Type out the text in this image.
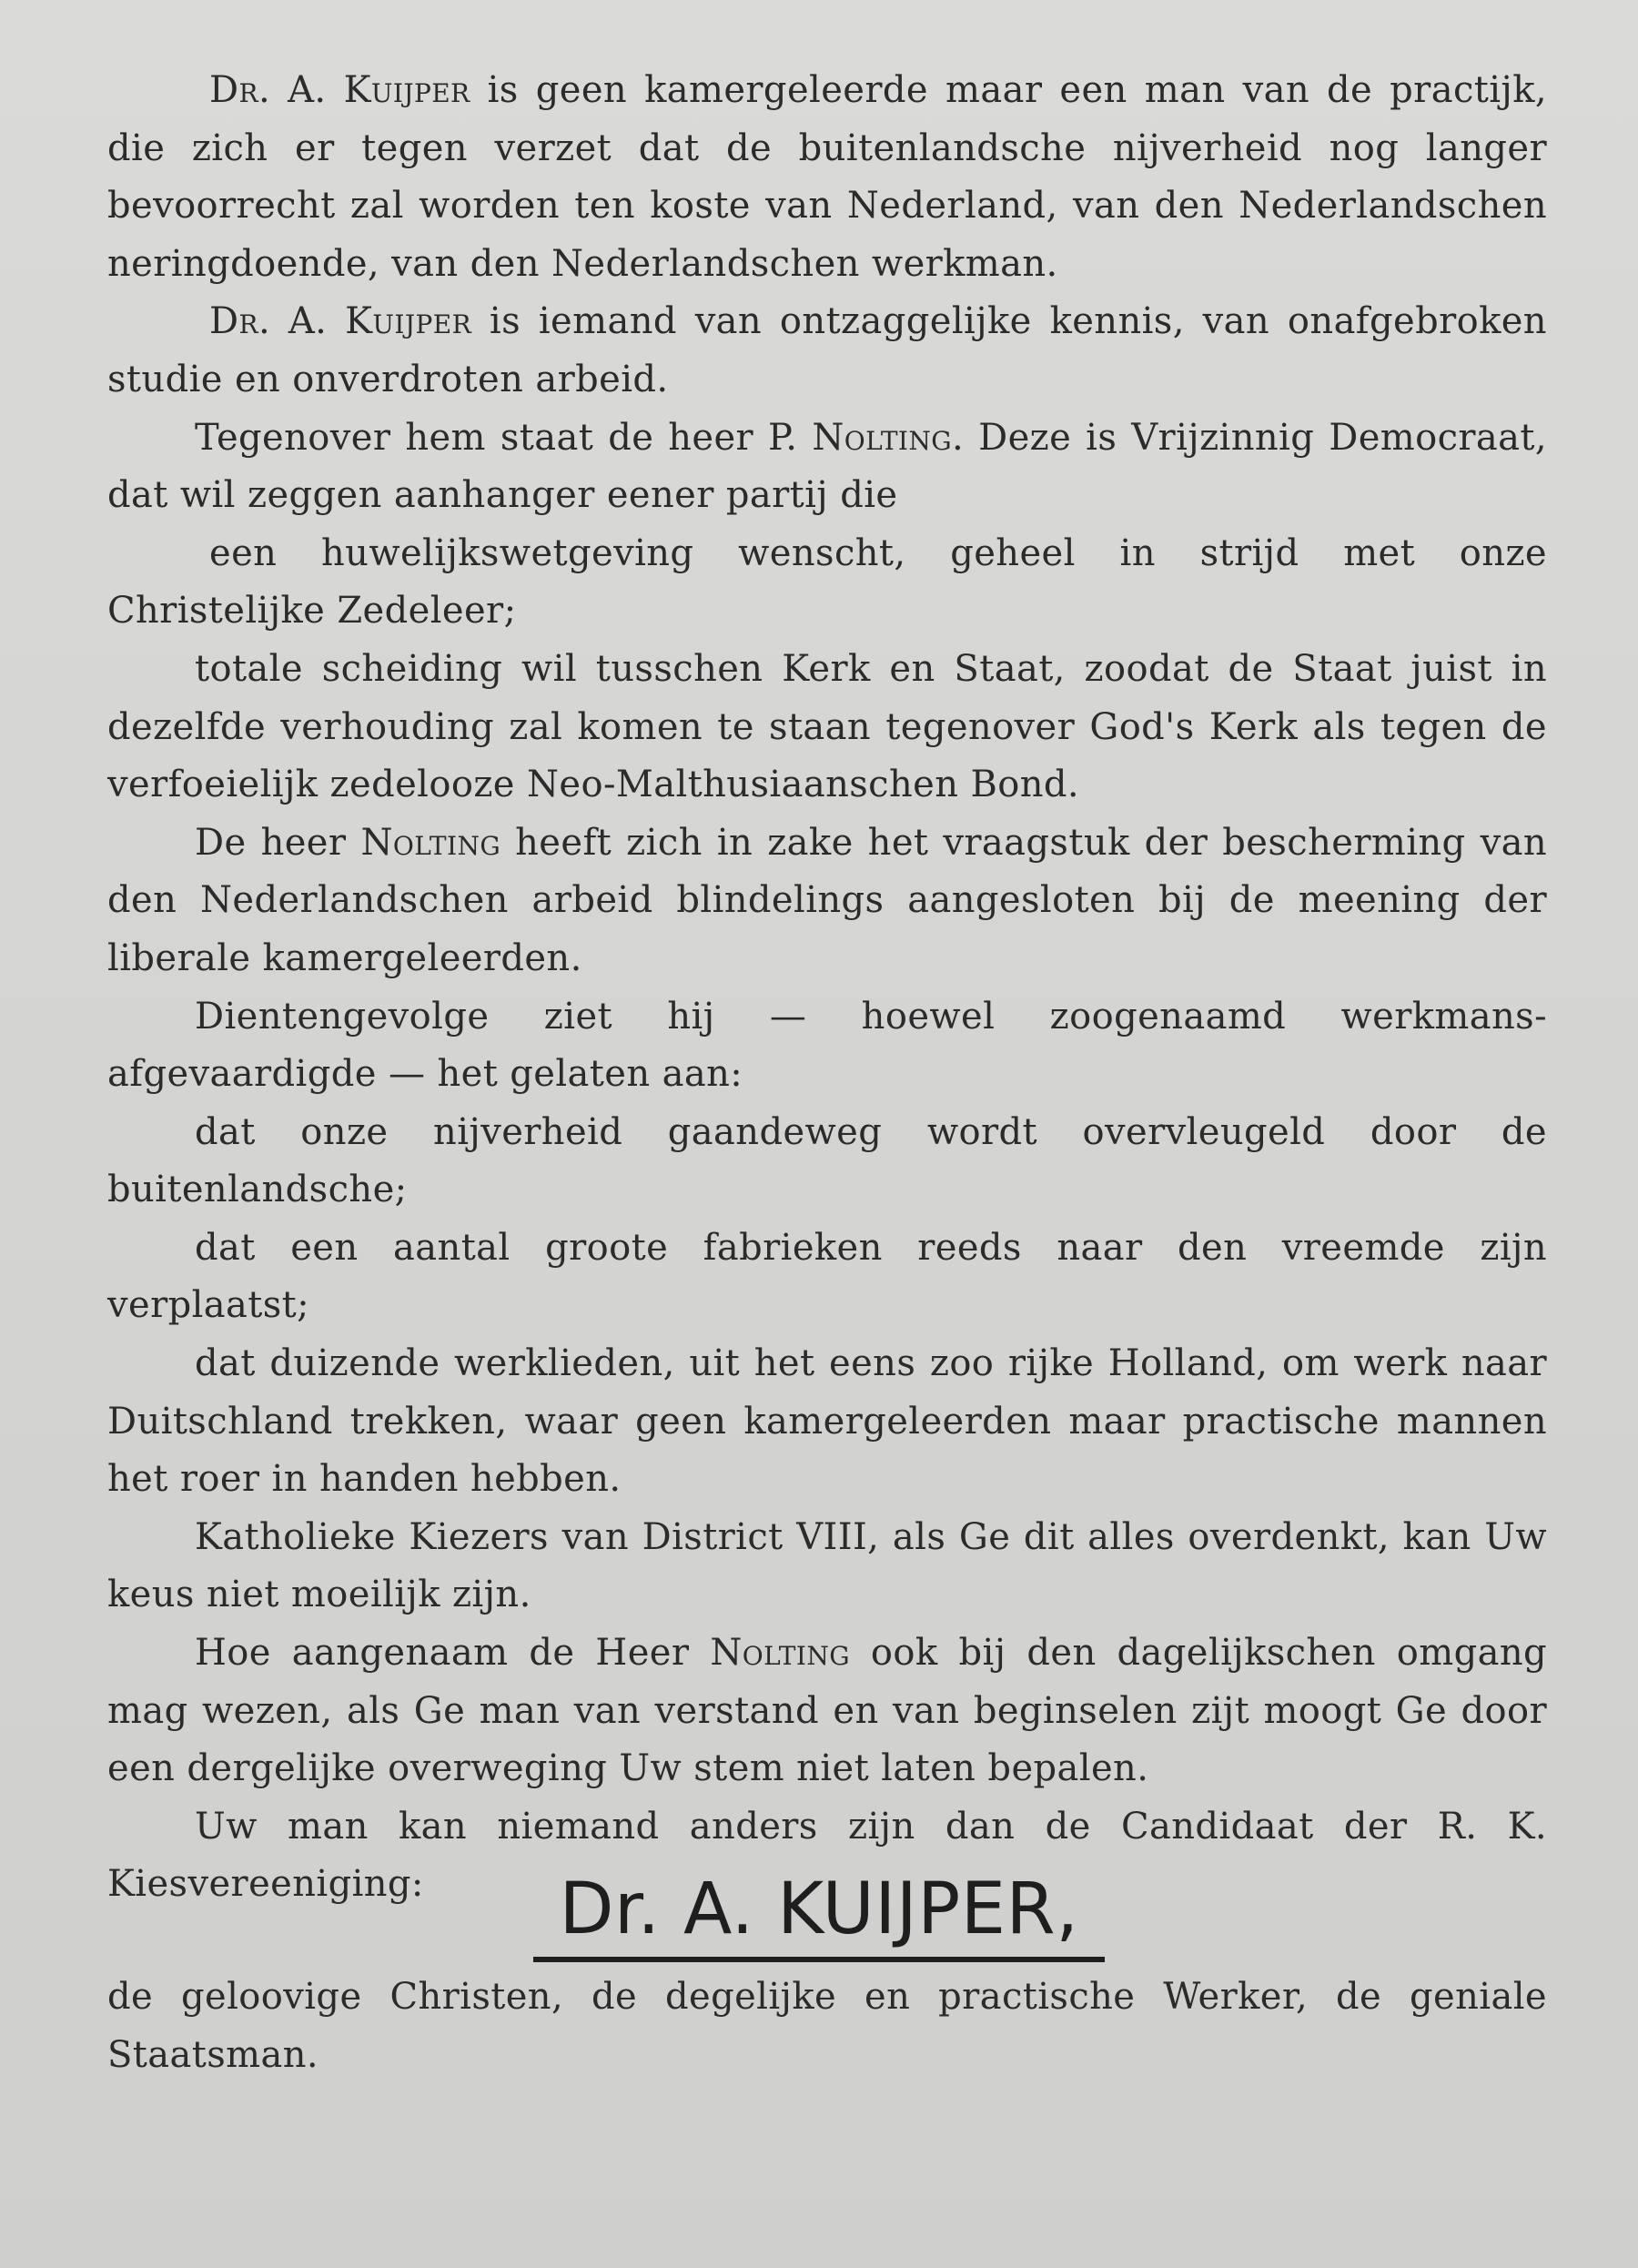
Dr. A. Kuijper is geen kamergeleerde maar een man van de practijk, die zich er tegen verzet dat de buitenlandsche nijverheid nog langer bevoorrecht zal worden ten koste van Nederland, van den Nederlandschen neringdoende, van den Nederlandschen werkman.

Dr. A. Kuijper is iemand van ontzaggelijke kennis, van onafgebroken studie en onverdroten arbeid.

Tegenover hem staat de heer P. Nolting. Deze is Vrijzinnig Democraat, dat wil zeggen aanhanger eener partij die

een huwelijkswetgeving wenscht, geheel in strijd met onze Christelijke Zedeleer;

totale scheiding wil tusschen Kerk en Staat, zoodat de Staat juist in dezelfde verhouding zal komen te staan tegenover God's Kerk als tegen de verfoeielijk zedelooze Neo-Malthusiaanschen Bond.

De heer Nolting heeft zich in zake het vraagstuk der bescherming van den Nederlandschen arbeid blindelings aangesloten bij de meening der liberale kamergeleerden.

Dientengevolge ziet hij — hoewel zoogenaamd werkmans-afgevaardigde — het gelaten aan:

dat onze nijverheid gaandeweg wordt overvleugeld door de buitenlandsche;

dat een aantal groote fabrieken reeds naar den vreemde zijn verplaatst;

dat duizende werklieden, uit het eens zoo rijke Holland, om werk naar Duitschland trekken, waar geen kamergeleerden maar practische mannen het roer in handen hebben.

Katholieke Kiezers van District VIII, als Ge dit alles overdenkt, kan Uw keus niet moeilijk zijn.

Hoe aangenaam de Heer Nolting ook bij den dagelijkschen omgang mag wezen, als Ge man van verstand en van beginselen zijt moogt Ge door een dergelijke overweging Uw stem niet laten bepalen.

Uw man kan niemand anders zijn dan de Candidaat der R. K. Kiesvereeniging:	Dr. A. KUIJPER,

de geloovige Christen, de degelijke en practische Werker, de geniale Staatsman.
